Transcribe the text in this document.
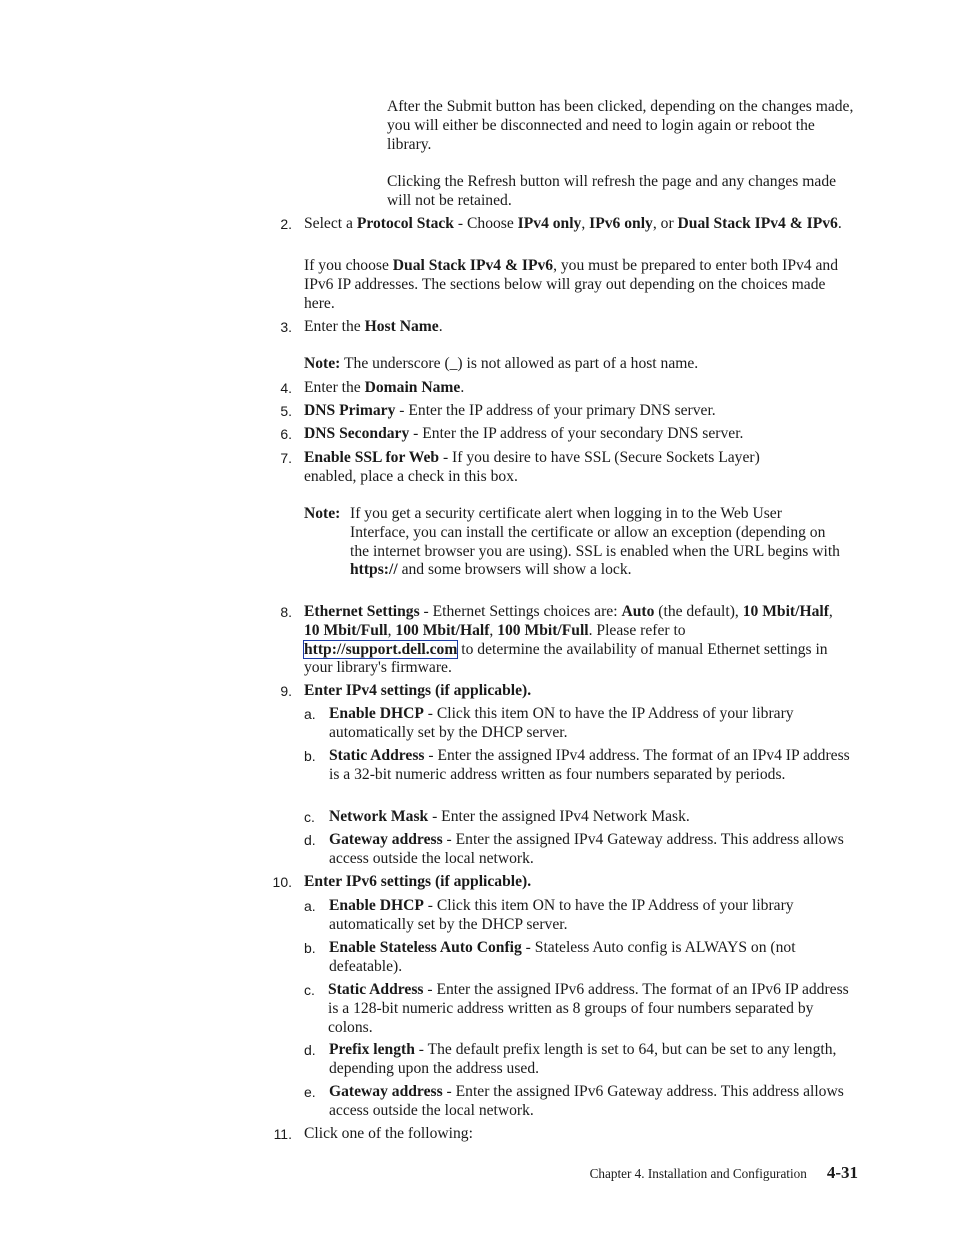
After the Submit button has been clicked, depending on the changes made, you will either be disconnected and need to login again or reboot the library.
Clicking the Refresh button will refresh the page and any changes made will not be retained.
2. Select a Protocol Stack - Choose IPv4 only, IPv6 only, or Dual Stack IPv4 & IPv6.
If you choose Dual Stack IPv4 & IPv6, you must be prepared to enter both IPv4 and IPv6 IP addresses. The sections below will gray out depending on the choices made here.
3. Enter the Host Name.
Note: The underscore (_) is not allowed as part of a host name.
4. Enter the Domain Name.
5. DNS Primary - Enter the IP address of your primary DNS server.
6. DNS Secondary - Enter the IP address of your secondary DNS server.
7. Enable SSL for Web - If you desire to have SSL (Secure Sockets Layer) enabled, place a check in this box.
Note: If you get a security certificate alert when logging in to the Web User Interface, you can install the certificate or allow an exception (depending on the internet browser you are using). SSL is enabled when the URL begins with https:// and some browsers will show a lock.
8. Ethernet Settings - Ethernet Settings choices are: Auto (the default), 10 Mbit/Half, 10 Mbit/Full, 100 Mbit/Half, 100 Mbit/Full. Please refer to http://support.dell.com to determine the availability of manual Ethernet settings in your library's firmware.
9. Enter IPv4 settings (if applicable).
a. Enable DHCP - Click this item ON to have the IP Address of your library automatically set by the DHCP server.
b. Static Address - Enter the assigned IPv4 address. The format of an IPv4 IP address is a 32-bit numeric address written as four numbers separated by periods.
c. Network Mask - Enter the assigned IPv4 Network Mask.
d. Gateway address - Enter the assigned IPv4 Gateway address. This address allows access outside the local network.
10. Enter IPv6 settings (if applicable).
a. Enable DHCP - Click this item ON to have the IP Address of your library automatically set by the DHCP server.
b. Enable Stateless Auto Config - Stateless Auto config is ALWAYS on (not defeatable).
c. Static Address - Enter the assigned IPv6 address. The format of an IPv6 IP address is a 128-bit numeric address written as 8 groups of four numbers separated by colons.
d. Prefix length - The default prefix length is set to 64, but can be set to any length, depending upon the address used.
e. Gateway address - Enter the assigned IPv6 Gateway address. This address allows access outside the local network.
11. Click one of the following:
Chapter 4. Installation and Configuration 4-31
